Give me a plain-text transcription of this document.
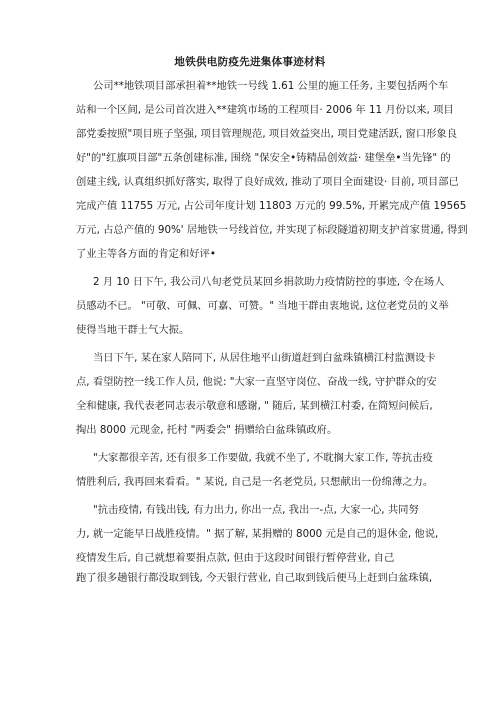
地铁供电防疫先进集体事迹材料
公司**地铁项目部承担着**地铁一号线 1.61 公里的施工任务, 主要包括两个车
站和一个区间, 是公司首次进入**建筑市场的工程项目· 2006 年 11 月份以来, 项目
部党委按照"项目班子坚强, 项目管理规范, 项目效益突出, 项目党建活跃, 窗口形象良
好"的"红旗项目部"五条创建标准, 围绕 "保安全•铸精品创效益· 建堡垒•当先锋" 的
创建主线, 认真组织抓好落实, 取得了良好成效, 推动了项目全面建设· 目前, 项目部已
完成产值 11755 万元, 占公司年度计划 11803 万元的 99.5%, 开累完成产值 19565
万元, 占总产值的 90%' 居地铁一号线首位, 并实现了标段隧道初期支护首家贯通, 得到
了业主等各方面的肯定和好评•
2 月 10 日下午, 我公司八旬老党员某回乡捐款助力疫情防控的事迹, 令在场人
员感动不已。 "可敬、可佩、可嘉、可赞。" 当地干群由衷地说, 这位老党员的义举
使得当地干群士气大振。
当日下午, 某在家人陪同下, 从居住地平山街道赶到白盆珠镇横江村监测设卡
点, 看望防控一线工作人员, 他说: "大家一直坚守岗位、奋战一线, 守护群众的安
全和健康, 我代表老同志表示敬意和感谢, " 随后, 某到横江村委, 在简短问候后,
掏出 8000 元现金, 托村 "两委会" 捐赠给白盆珠镇政府。
"大家都很辛苦, 还有很多工作要做, 我就不坐了, 不耽搁大家工作, 等抗击疫
情胜利后, 我再回来看看。" 某说, 自己是一名老党员, 只想献出一份绵薄之力。
"抗击疫情, 有钱出钱, 有力出力, 你出一点, 我出一-点, 大家一心, 共同努
力, 就一定能早日战胜疫情。" 据了解, 某捐赠的 8000 元是自己的退休金, 他说,
疫情发生后, 自己就想着要捐点款, 但由于这段时间银行暂停营业, 自己
跑了很多趟银行都没取到钱, 今天银行营业, 自己取到钱后便马上赶到白盆珠镇,
